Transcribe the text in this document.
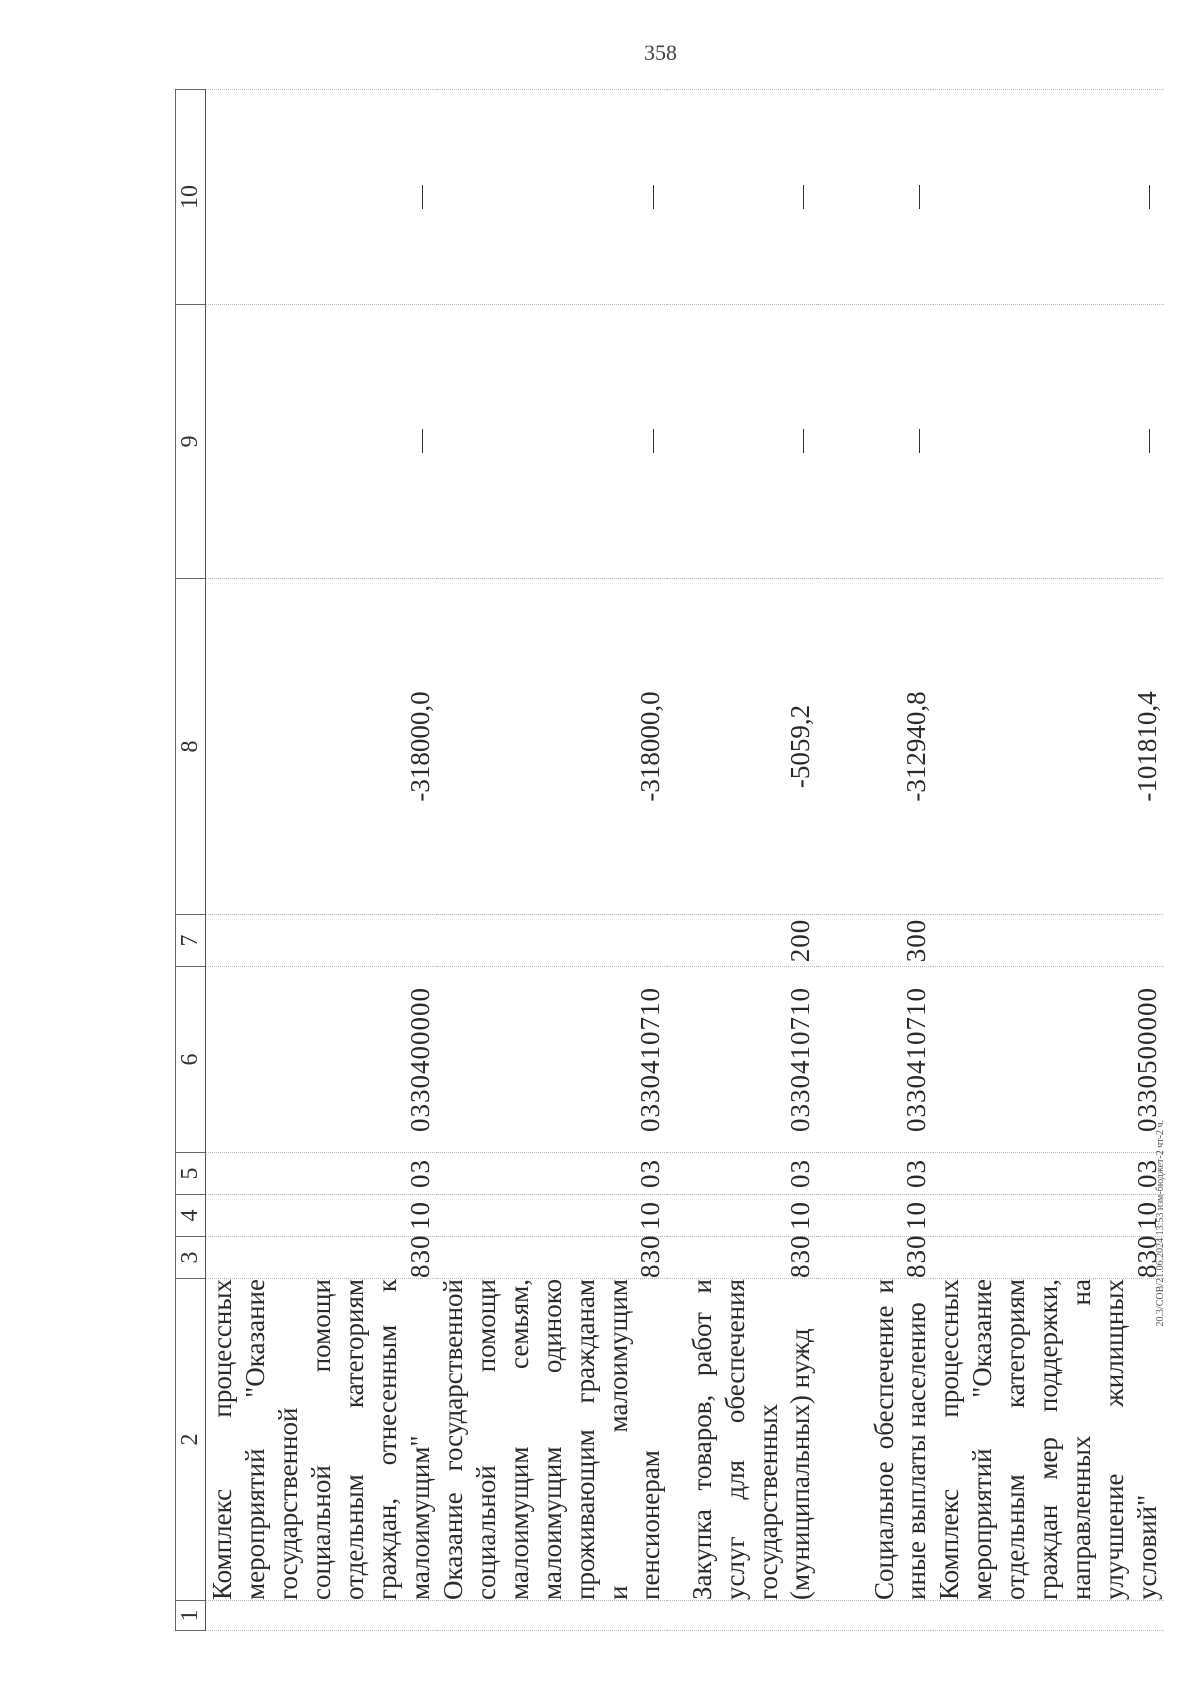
358
20.3/СОВ/21.06.2024 13:53 изм-бюджет-2 чт-2 ч.
1	2	3	4	5	6	7	8	9	10
	Комплекс процессных мероприятий "Оказание государственной социальной помощи отдельным категориям граждан, отнесенным к малоимущим"	830	10	03	0330400000		-318000,0		
	Оказание государственной социальной помощи малоимущим семьям, малоимущим одиноко проживающим гражданам и малоимущим пенсионерам	830	10	03	0330410710		-318000,0		
	Закупка товаров, работ и услуг для обеспечения государственных (муниципальных) нужд	830	10	03	0330410710	200	-5059,2		
	Социальное обеспечение и иные выплаты населению	830	10	03	0330410710	300	-312940,8		
	Комплекс процессных мероприятий "Оказание отдельным категориям граждан мер поддержки, направленных на улучшение жилищных условий"	830	10	03	0330500000		-101810,4		
